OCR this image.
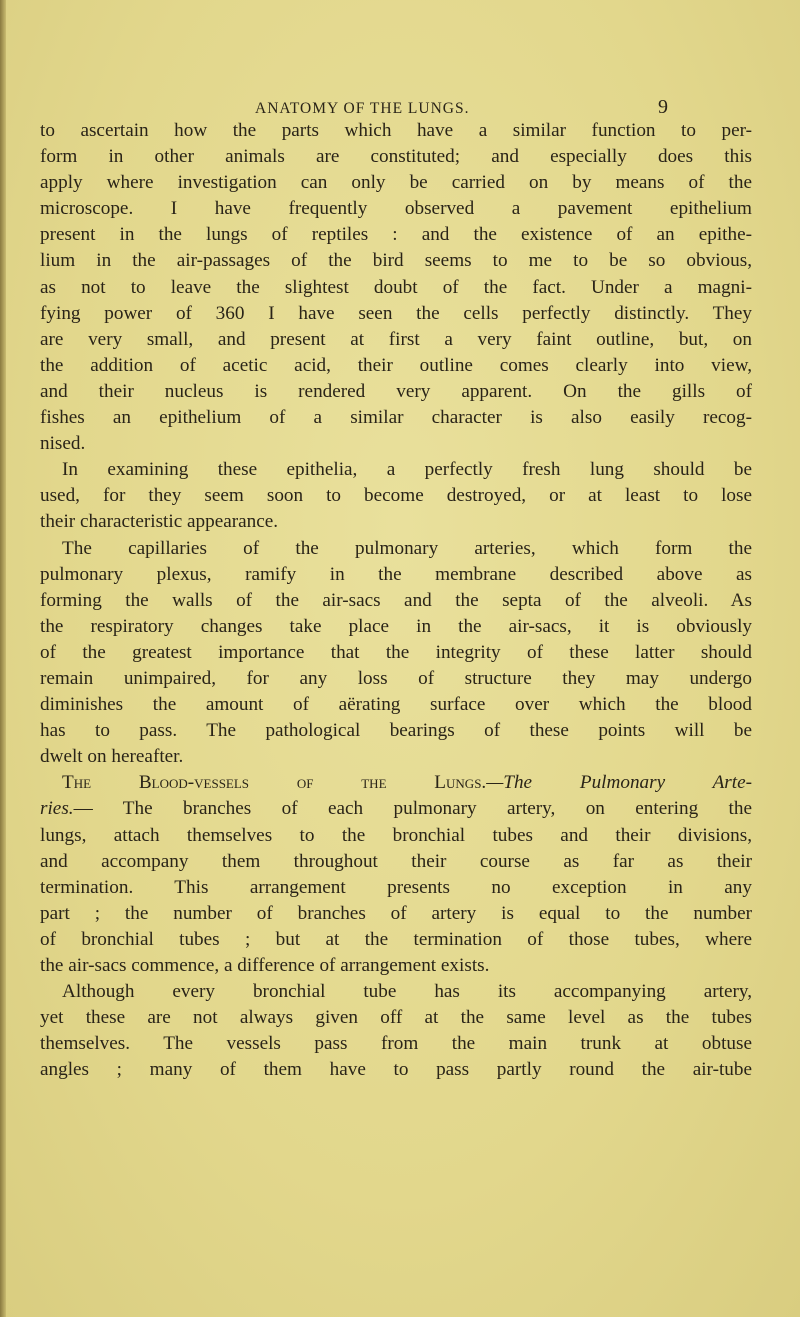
ANATOMY OF THE LUNGS.	9
to ascertain how the parts which have a similar function to per-
form in other animals are constituted; and especially does this
apply where investigation can only be carried on by means of the
microscope. I have frequently observed a pavement epithelium
present in the lungs of reptiles : and the existence of an epithe-
lium in the air-passages of the bird seems to me to be so obvious,
as not to leave the slightest doubt of the fact. Under a magni-
fying power of 360 I have seen the cells perfectly distinctly. They
are very small, and present at first a very faint outline, but, on
the addition of acetic acid, their outline comes clearly into view,
and their nucleus is rendered very apparent. On the gills of
fishes an epithelium of a similar character is also easily recog-
nised.
In examining these epithelia, a perfectly fresh lung should be
used, for they seem soon to become destroyed, or at least to lose
their characteristic appearance.
The capillaries of the pulmonary arteries, which form the
pulmonary plexus, ramify in the membrane described above as
forming the walls of the air-sacs and the septa of the alveoli. As
the respiratory changes take place in the air-sacs, it is obviously
of the greatest importance that the integrity of these latter should
remain unimpaired, for any loss of structure they may undergo
diminishes the amount of aërating surface over which the blood
has to pass. The pathological bearings of these points will be
dwelt on hereafter.
The Blood-vessels of the Lungs.—The Pulmonary Arte-
ries.— The branches of each pulmonary artery, on entering the
lungs, attach themselves to the bronchial tubes and their divisions,
and accompany them throughout their course as far as their
termination. This arrangement presents no exception in any
part ; the number of branches of artery is equal to the number
of bronchial tubes ; but at the termination of those tubes, where
the air-sacs commence, a difference of arrangement exists.
Although every bronchial tube has its accompanying artery,
yet these are not always given off at the same level as the tubes
themselves. The vessels pass from the main trunk at obtuse
angles ; many of them have to pass partly round the air-tube
